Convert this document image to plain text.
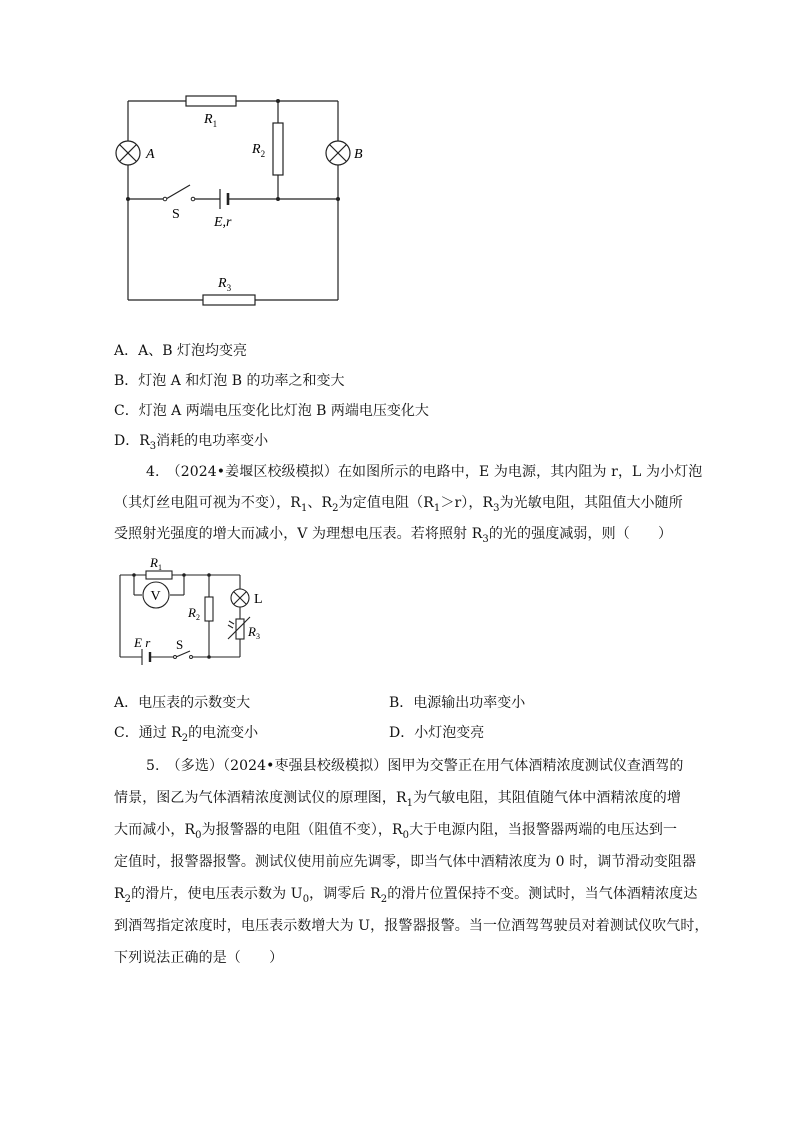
$R_1$
$R_2$
$R_3$
A	B
S
E,r
A．A、B 灯泡均变亮
B．灯泡 A 和灯泡 B 的功率之和变大
C．灯泡 A 两端电压变化比灯泡 B 两端电压变化大
D．$R_3$消耗的电功率变小
4.　（2024•姜堰区校级模拟）在如图所示的电路中，E 为电源，其内阻为 r，L 为小灯泡
（其灯丝电阻可视为不变），$R_1$、$R_2$为定值电阻$(R_1>r)$，$R_3$为光敏电阻，其阻值大小随所
受照射光强度的增大而减小，V 为理想电压表。若将照射 $R_3$的光的强度减弱，则（　　）
V
$R_1$
$R_2$
L
$R_3$
E r S
A．电压表的示数变大	B．电源输出功率变小
C．通过 $R_2$的电流变小	D．小灯泡变亮
5.　（多选）（2024•枣强县校级模拟）图甲为交警正在用气体酒精浓度测试仪查酒驾的
情景，图乙为气体酒精浓度测试仪的原理图，$R_1$为气敏电阻，其阻值随气体中酒精浓度的增
大而减小，$R_0$为报警器的电阻（阻值不变），$R_0$大于电源内阻，当报警器两端的电压达到一
定值时，报警器报警。测试仪使用前应先调零，即当气体中酒精浓度为 0 时，调节滑动变阻器
$R_2$的滑片，使电压表示数为 $U_0$，调零后 $R_2$的滑片位置保持不变。测试时，当气体酒精浓度达
到酒驾指定浓度时，电压表示数增大为 U，报警器报警。当一位酒驾驾驶员对着测试仪吹气时，
下列说法正确的是（　　）
